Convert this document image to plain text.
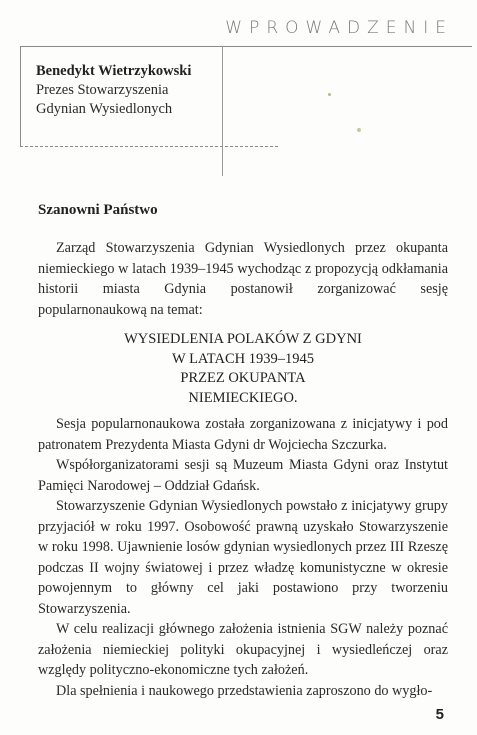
WPROWADZENIE
Benedykt Wietrzykowski
Prezes Stowarzyszenia
Gdynian Wysiedlonych
Szanowni Państwo

Zarząd Stowarzyszenia Gdynian Wysiedlonych przez okupanta niemieckiego w latach 1939–1945 wychodząc z propozycją odkłamania historii miasta Gdynia postanowił zorganizować sesję popularnonaukową na temat:

WYSIEDLENIA POLAKÓW Z GDYNI
W LATACH 1939–1945
PRZEZ OKUPANTA
NIEMIECKIEGO.

Sesja popularnonaukowa została zorganizowana z inicjatywy i pod patronatem Prezydenta Miasta Gdyni dr Wojciecha Szczurka.

Współorganizatorami sesji są Muzeum Miasta Gdyni oraz Instytut Pamięci Narodowej – Oddział Gdańsk.

Stowarzyszenie Gdynian Wysiedlonych powstało z inicjatywy grupy przyjaciół w roku 1997. Osobowość prawną uzyskało Stowarzyszenie w roku 1998. Ujawnienie losów gdynian wysiedlonych przez III Rzeszę podczas II wojny światowej i przez władzę komunistyczne w okresie powojennym to główny cel jaki postawiono przy tworzeniu Stowarzyszenia.

W celu realizacji głównego założenia istnienia SGW należy poznać założenia niemieckiej polityki okupacyjnej i wysiedleńczej oraz względy polityczno-ekonomiczne tych założeń.

Dla spełnienia i naukowego przedstawienia zaproszono do wygło-

5
